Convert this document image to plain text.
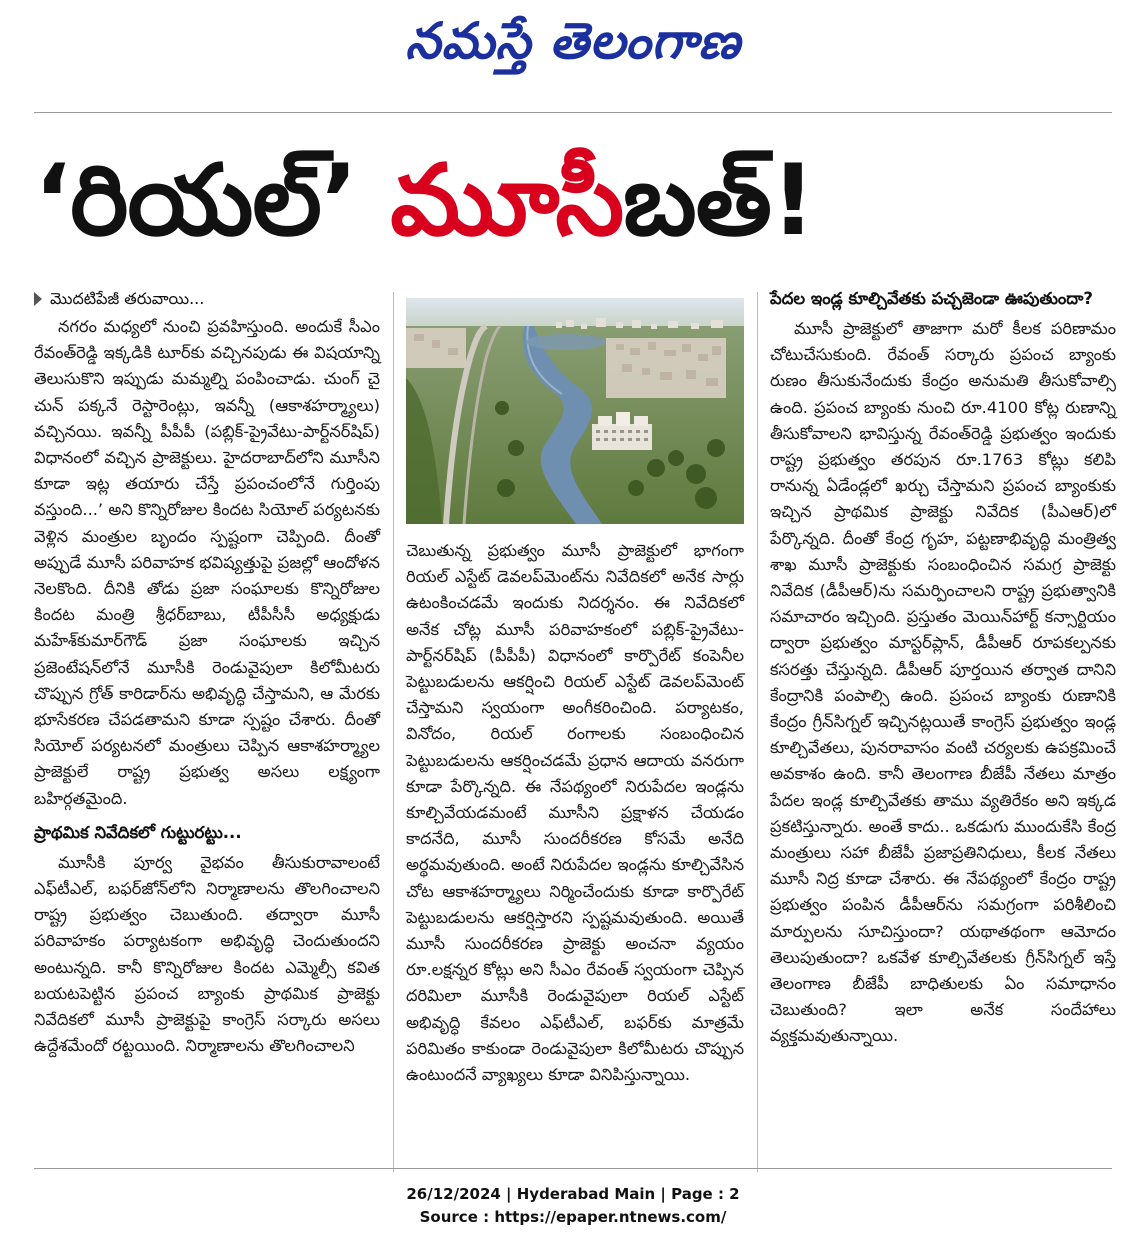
నమస్తే తెలంగాణ
‘రియల్’ మూసీబత్!
మొదటిపేజీ తరువాయి...

నగరం మధ్యలో నుంచి ప్రవహిస్తుంది. అందుకే సీఎం రేవంత్‌రెడ్డి ఇక్కడికి టూర్‌కు వచ్చినపుడు ఈ విషయాన్ని తెలుసుకొని ఇప్పుడు మమ్మల్ని పంపించాడు. చుంగ్ చై చున్ పక్కనే రెస్టారెంట్లు, ఇవన్నీ (ఆకాశహర్మ్యాలు) వచ్చినయి. ఇవన్నీ పీపీపీ (పబ్లిక్-ప్రైవేటు-పార్ట్‌నర్‌షిప్) విధానంలో వచ్చిన ప్రాజెక్టులు. హైదరాబాద్‌లోని మూసీని కూడా ఇట్ల తయారు చేస్తే ప్రపంచంలోనే గుర్తింపు వస్తుంది...’ అని కొన్నిరోజుల కిందట సియోల్ పర్యటనకు వెళ్లిన మంత్రుల బృందం స్పష్టంగా చెప్పింది. దీంతో అప్పుడే మూసీ పరివాహక భవిష్యత్తుపై ప్రజల్లో ఆందోళన నెలకొంది. దీనికి తోడు ప్రజా సంఘాలకు కొన్నిరోజుల కిందట మంత్రి శ్రీధర్‌బాబు, టీపీసీసీ అధ్యక్షుడు మహేశ్‌కుమార్‌గౌడ్ ప్రజా సంఘాలకు ఇచ్చిన ప్రజెంటేషన్‌లోనే మూసీకి రెండువైపులా కిలోమీటరు చొప్పున గ్రోత్ కారిడార్‌ను అభివృద్ధి చేస్తామని, ఆ మేరకు భూసేకరణ చేపడతామని కూడా స్పష్టం చేశారు. దీంతో సియోల్ పర్యటనలో మంత్రులు చెప్పిన ఆకాశహర్మ్యాల ప్రాజెక్టులే రాష్ట్ర ప్రభుత్వ అసలు లక్ష్యంగా బహిర్గతమైంది.

ప్రాథమిక నివేదికలో గుట్టురట్టు...

మూసీకి పూర్వ వైభవం తీసుకురావాలంటే ఎఫ్‌టీఎల్, బఫర్‌జోన్‌లోని నిర్మాణాలను తొలగించాలని రాష్ట్ర ప్రభుత్వం చెబుతుంది. తద్వారా మూసీ పరివాహకం పర్యాటకంగా అభివృద్ధి చెందుతుందని అంటున్నది. కానీ కొన్నిరోజుల కిందట ఎమ్మెల్సీ కవిత బయటపెట్టిన ప్రపంచ బ్యాంకు ప్రాథమిక ప్రాజెక్టు నివేదికలో మూసీ ప్రాజెక్టుపై కాంగ్రెస్ సర్కారు అసలు ఉద్దేశమేందో రట్టయింది. నిర్మాణాలను తొలగించాలని

చెబుతున్న ప్రభుత్వం మూసీ ప్రాజెక్టులో భాగంగా రియల్ ఎస్టేట్ డెవలప్‌మెంట్‌ను నివేదికలో అనేక సార్లు ఉటంకించడమే ఇందుకు నిదర్శనం. ఈ నివేదికలో అనేక చోట్ల మూసీ పరివాహకంలో పబ్లిక్-ప్రైవేటు-పార్ట్‌నర్‌షిప్ (పీపీపీ) విధానంలో కార్పొరేట్ కంపెనీల పెట్టుబడులను ఆకర్షించి రియల్ ఎస్టేట్ డెవలప్‌మెంట్ చేస్తామని స్వయంగా అంగీకరించింది. పర్యాటకం, వినోదం, రియల్ రంగాలకు సంబంధించిన పెట్టుబడులను ఆకర్షించడమే ప్రధాన ఆదాయ వనరుగా కూడా పేర్కొన్నది. ఈ నేపథ్యంలో నిరుపేదల ఇండ్లను కూల్చివేయడమంటే మూసీని ప్రక్షాళన చేయడం కాదనేది, మూసీ సుందరీకరణ కోసమే అనేది అర్థమవుతుంది. అంటే నిరుపేదల ఇండ్లను కూల్చివేసిన చోట ఆకాశహర్మ్యాలు నిర్మించేందుకు కూడా కార్పొరేట్ పెట్టుబడులను ఆకర్షిస్తారని స్పష్టమవుతుంది. అయితే మూసీ సుందరీకరణ ప్రాజెక్టు అంచనా వ్యయం రూ.లక్షన్నర కోట్లు అని సీఎం రేవంత్ స్వయంగా చెప్పిన దరిమిలా మూసీకి రెండువైపులా రియల్ ఎస్టేట్ అభివృద్ధి కేవలం ఎఫ్‌టీఎల్, బఫర్‌కు మాత్రమే పరిమితం కాకుండా రెండువైపులా కిలోమీటరు చొప్పున ఉంటుందనే వ్యాఖ్యలు కూడా వినిపిస్తున్నాయి.

పేదల ఇండ్ల కూల్చివేతకు పచ్చజెండా ఊపుతుందా?

మూసీ ప్రాజెక్టులో తాజాగా మరో కీలక పరిణామం చోటుచేసుకుంది. రేవంత్ సర్కారు ప్రపంచ బ్యాంకు రుణం తీసుకునేందుకు కేంద్రం అనుమతి తీసుకోవాల్సి ఉంది. ప్రపంచ బ్యాంకు నుంచి రూ.4100 కోట్ల రుణాన్ని తీసుకోవాలని భావిస్తున్న రేవంత్‌రెడ్డి ప్రభుత్వం ఇందుకు రాష్ట్ర ప్రభుత్వం తరపున రూ.1763 కోట్లు కలిపి రానున్న ఏడేండ్లలో ఖర్చు చేస్తామని ప్రపంచ బ్యాంకుకు ఇచ్చిన ప్రాథమిక ప్రాజెక్టు నివేదిక (పీఎఆర్)లో పేర్కొన్నది. దీంతో కేంద్ర గృహ, పట్టణాభివృద్ధి మంత్రిత్వ శాఖ మూసీ ప్రాజెక్టుకు సంబంధించిన సమగ్ర ప్రాజెక్టు నివేదిక (డీపీఆర్)ను సమర్పించాలని రాష్ట్ర ప్రభుత్వానికి సమాచారం ఇచ్చింది. ప్రస్తుతం మెయిన్‌హార్ట్ కన్సార్టియం ద్వారా ప్రభుత్వం మాస్టర్‌ప్లాన్, డీపీఆర్ రూపకల్పనకు కసరత్తు చేస్తున్నది. డీపీఆర్ పూర్తయిన తర్వాత దానిని కేంద్రానికి పంపాల్సి ఉంది. ప్రపంచ బ్యాంకు రుణానికి కేంద్రం గ్రీన్‌సిగ్నల్ ఇచ్చినట్లయితే కాంగ్రెస్ ప్రభుత్వం ఇండ్ల కూల్చివేతలు, పునరావాసం వంటి చర్యలకు ఉపక్రమించే అవకాశం ఉంది. కానీ తెలంగాణ బీజేపీ నేతలు మాత్రం పేదల ఇండ్ల కూల్చివేతకు తాము వ్యతిరేకం అని ఇక్కడ ప్రకటిస్తున్నారు. అంతే కాదు.. ఒకడుగు ముందుకేసి కేంద్ర మంత్రులు సహా బీజేపీ ప్రజాప్రతినిధులు, కీలక నేతలు మూసీ నిద్ర కూడా చేశారు. ఈ నేపథ్యంలో కేంద్రం రాష్ట్ర ప్రభుత్వం పంపిన డీపీఆర్‌ను సమగ్రంగా పరిశీలించి మార్పులను సూచిస్తుందా? యథాతథంగా ఆమోదం తెలుపుతుందా? ఒకవేళ కూల్చివేతలకు గ్రీన్‌సిగ్నల్ ఇస్తే తెలంగాణ బీజేపీ బాధితులకు ఏం సమాధానం చెబుతుంది? ఇలా అనేక సందేహాలు వ్యక్తమవుతున్నాయి.

26/12/2024 | Hyderabad Main | Page : 2
Source : https://epaper.ntnews.com/
